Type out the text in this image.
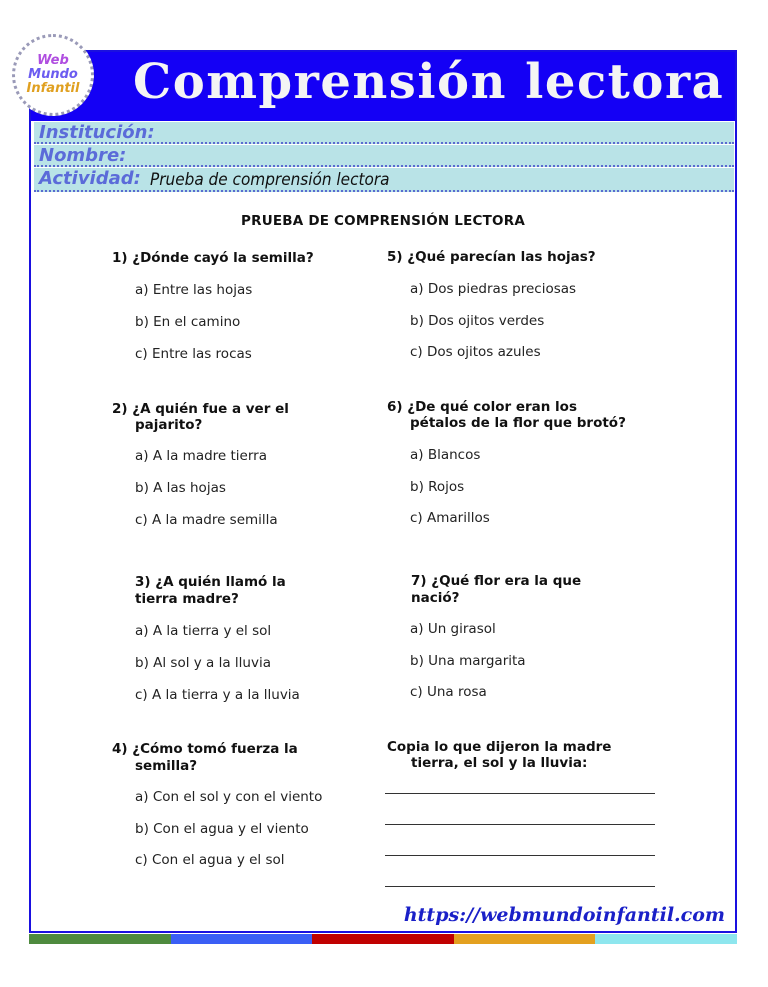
Web
Mundo
Infantil Comprensión lectora
Institución:
Nombre:
Actividad: Prueba de comprensión lectora
PRUEBA DE COMPRENSIÓN LECTORA
1) ¿Dónde cayó la semilla?
a) Entre las hojas
b) En el camino
c) Entre las rocas
2) ¿A quién fue a ver el
pajarito?
a) A la madre tierra
b) A las hojas
c) A la madre semilla
3) ¿A quién llamó la
tierra madre?
a) A la tierra y el sol
b) Al sol y a la lluvia
c) A la tierra y a la lluvia
4) ¿Cómo tomó fuerza la
semilla?
a) Con el sol y con el viento
b) Con el agua y el viento
c) Con el agua y el sol
5) ¿Qué parecían las hojas?
a) Dos piedras preciosas
b) Dos ojitos verdes
c) Dos ojitos azules
6) ¿De qué color eran los
pétalos de la flor que brotó?
a) Blancos
b) Rojos
c) Amarillos
7) ¿Qué flor era la que
nació?
a) Un girasol
b) Una margarita
c) Una rosa
Copia lo que dijeron la madre
tierra, el sol y la lluvia:
https://webmundoinfantil.com
